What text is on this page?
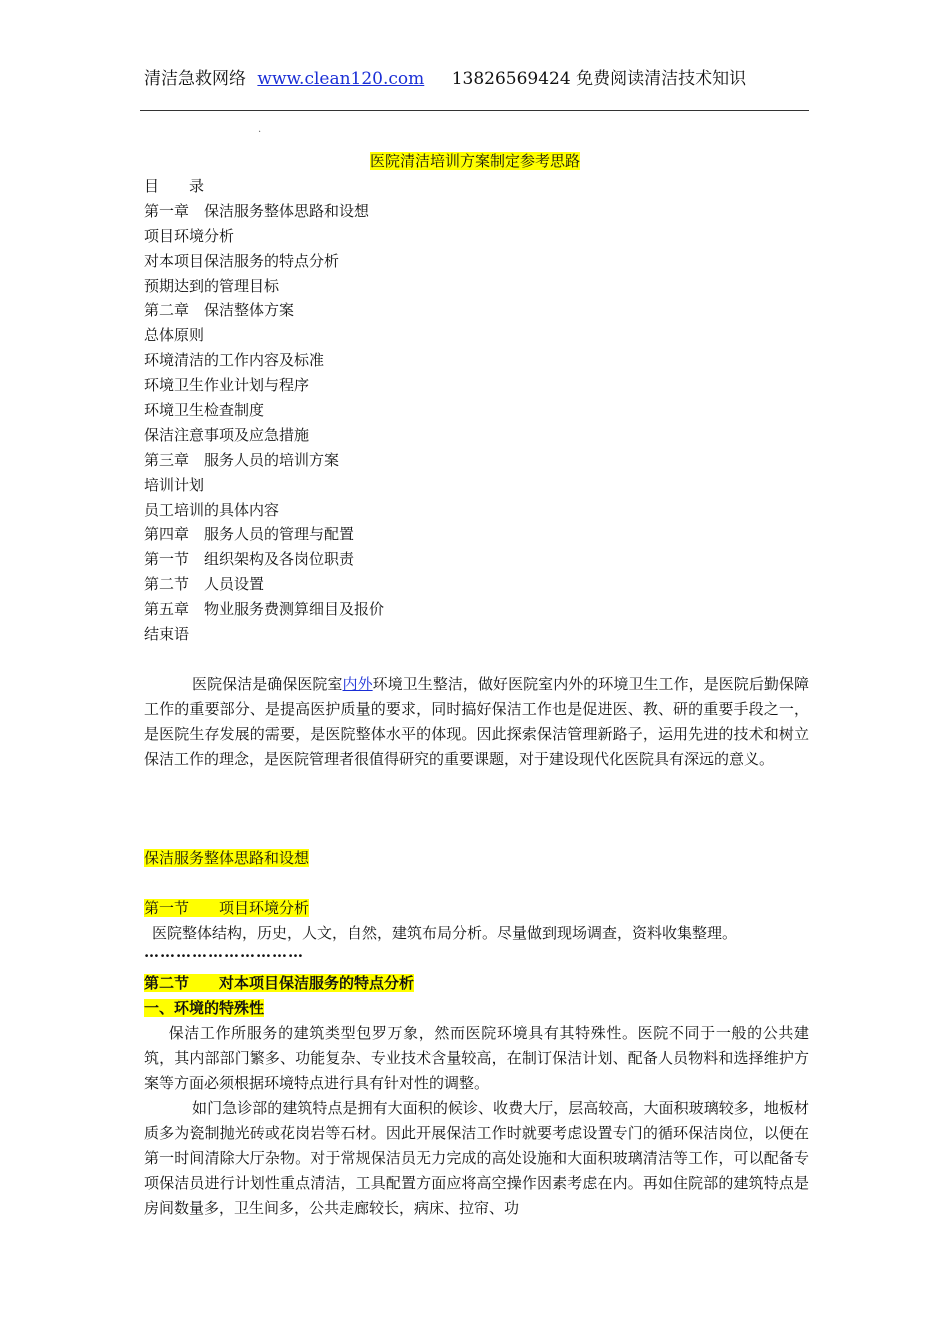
清洁急救网络 www.clean120.com 13826569424 免费阅读清洁技术知识
.
医院清洁培训方案制定参考思路
目　　录
第一章　保洁服务整体思路和设想
项目环境分析
对本项目保洁服务的特点分析
预期达到的管理目标
第二章　保洁整体方案
总体原则
环境清洁的工作内容及标准
环境卫生作业计划与程序
环境卫生检查制度
保洁注意事项及应急措施
第三章　服务人员的培训方案
培训计划
员工培训的具体内容
第四章　服务人员的管理与配置
第一节　组织架构及各岗位职责
第二节　人员设置
第五章　物业服务费测算细目及报价
结束语

医院保洁是确保医院室内外环境卫生整洁，做好医院室内外的环境卫生工作，是医院后勤保障工作的重要部分、是提高医护质量的要求，同时搞好保洁工作也是促进医、教、研的重要手段之一，是医院生存发展的需要，是医院整体水平的体现。因此探索保洁管理新路子，运用先进的技术和树立保洁工作的理念，是医院管理者很值得研究的重要课题，对于建设现代化医院具有深远的意义。

保洁服务整体思路和设想
第一节　　项目环境分析
医院整体结构，历史，人文，自然，建筑布局分析。尽量做到现场调查，资料收集整理。
…………………………
第二节　　对本项目保洁服务的特点分析
一、环境的特殊性

保洁工作所服务的建筑类型包罗万象，然而医院环境具有其特殊性。医院不同于一般的公共建筑，其内部部门繁多、功能复杂、专业技术含量较高，在制订保洁计划、配备人员物料和选择维护方案等方面必须根据环境特点进行具有针对性的调整。

如门急诊部的建筑特点是拥有大面积的候诊、收费大厅，层高较高，大面积玻璃较多，地板材质多为瓷制抛光砖或花岗岩等石材。因此开展保洁工作时就要考虑设置专门的循环保洁岗位，以便在第一时间清除大厅杂物。对于常规保洁员无力完成的高处设施和大面积玻璃清洁等工作，可以配备专项保洁员进行计划性重点清洁，工具配置方面应将高空操作因素考虑在内。再如住院部的建筑特点是房间数量多，卫生间多，公共走廊较长，病床、拉帘、功
